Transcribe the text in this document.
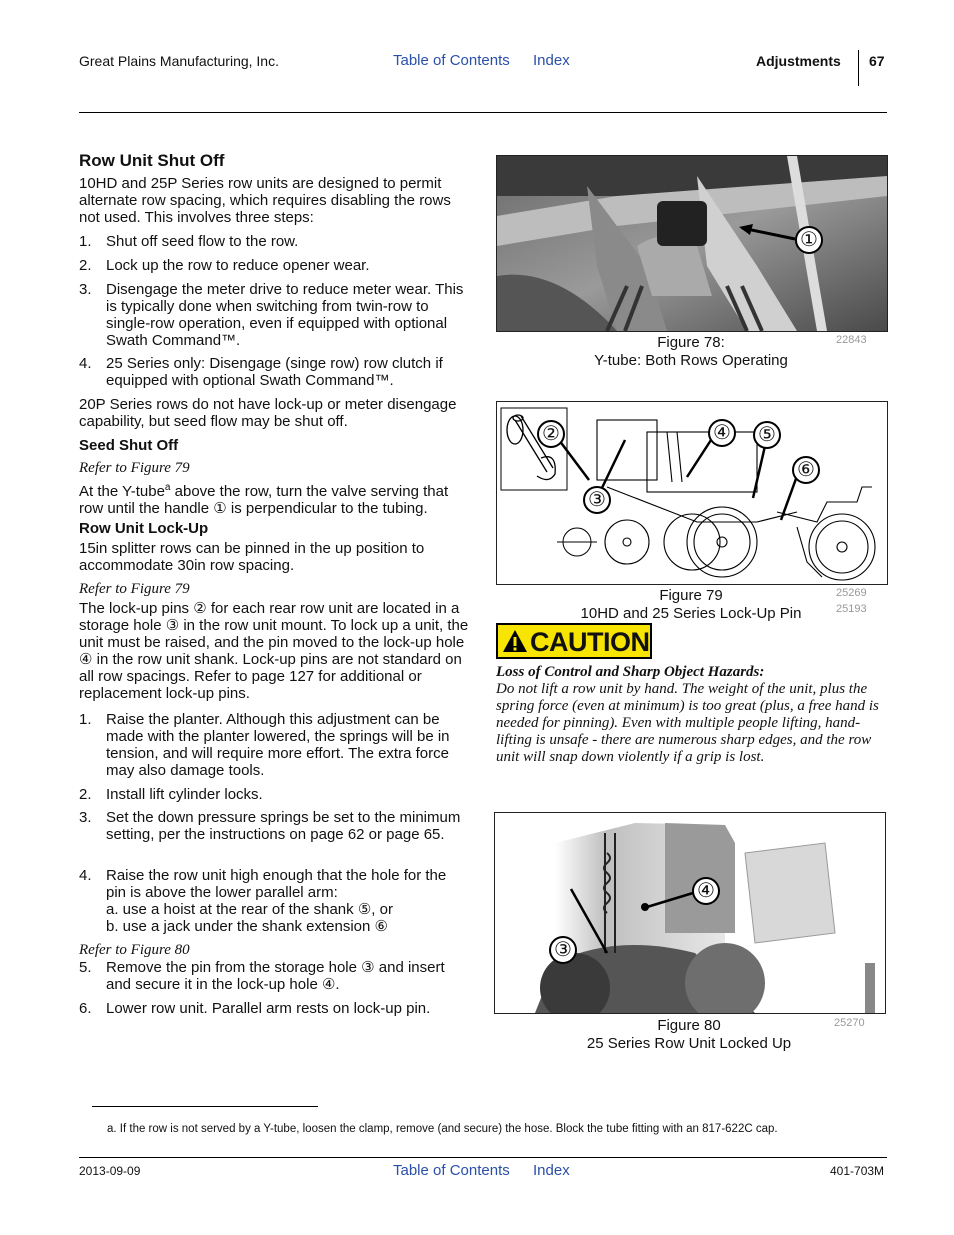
Great Plains Manufacturing, Inc.	Table of Contents Index	Adjustments 67
Row Unit Shut Off
10HD and 25P Series row units are designed to permit alternate row spacing, which requires disabling the rows not used. This involves three steps:
1. Shut off seed flow to the row.
2. Lock up the row to reduce opener wear.
3. Disengage the meter drive to reduce meter wear. This is typically done when switching from twin-row to single-row operation, even if equipped with optional Swath Command™.
4. 25 Series only: Disengage (singe row) row clutch if equipped with optional Swath Command™.
20P Series rows do not have lock-up or meter disengage capability, but seed flow may be shut off.
Seed Shut Off
Refer to Figure 79
At the Y-tube$^a$ above the row, turn the valve serving that row until the handle ① is perpendicular to the tubing.
Row Unit Lock-Up
15in splitter rows can be pinned in the up position to accommodate 30in row spacing.
Refer to Figure 79
The lock-up pins ② for each rear row unit are located in a storage hole ③ in the row unit mount. To lock up a unit, the unit must be raised, and the pin moved to the lock-up hole ④ in the row unit shank. Lock-up pins are not standard on all row spacings. Refer to page 127 for additional or replacement lock-up pins.
1. Raise the planter. Although this adjustment can be made with the planter lowered, the springs will be in tension, and will require more effort. The extra force may also damage tools.
2. Install lift cylinder locks.
3. Set the down pressure springs be set to the minimum setting, per the instructions on page 62 or page 65.
4. Raise the row unit high enough that the hole for the pin is above the lower parallel arm:
a. use a hoist at the rear of the shank ⑤, or
b. use a jack under the shank extension ⑥
Refer to Figure 80
5. Remove the pin from the storage hole ③ and insert and secure it in the lock-up hole ④.
6. Lower row unit. Parallel arm rests on lock-up pin.
①
Figure 78:
Y-tube: Both Rows Operating
22843
②
③
④ ⑤
⑥
Figure 79
10HD and 25 Series Lock-Up Pin
25269
25193
CAUTION
Loss of Control and Sharp Object Hazards:
Do not lift a row unit by hand. The weight of the unit, plus the spring force (even at minimum) is too great (plus, a free hand is needed for pinning). Even with multiple people lifting, hand-lifting is unsafe - there are numerous sharp edges, and the row unit will snap down violently if a grip is lost.
④
③
Figure 80
25 Series Row Unit Locked Up
25270
a. If the row is not served by a Y-tube, loosen the clamp, remove (and secure) the hose. Block the tube fitting with an 817-622C cap.
2013-09-09	Table of Contents Index	401-703M
